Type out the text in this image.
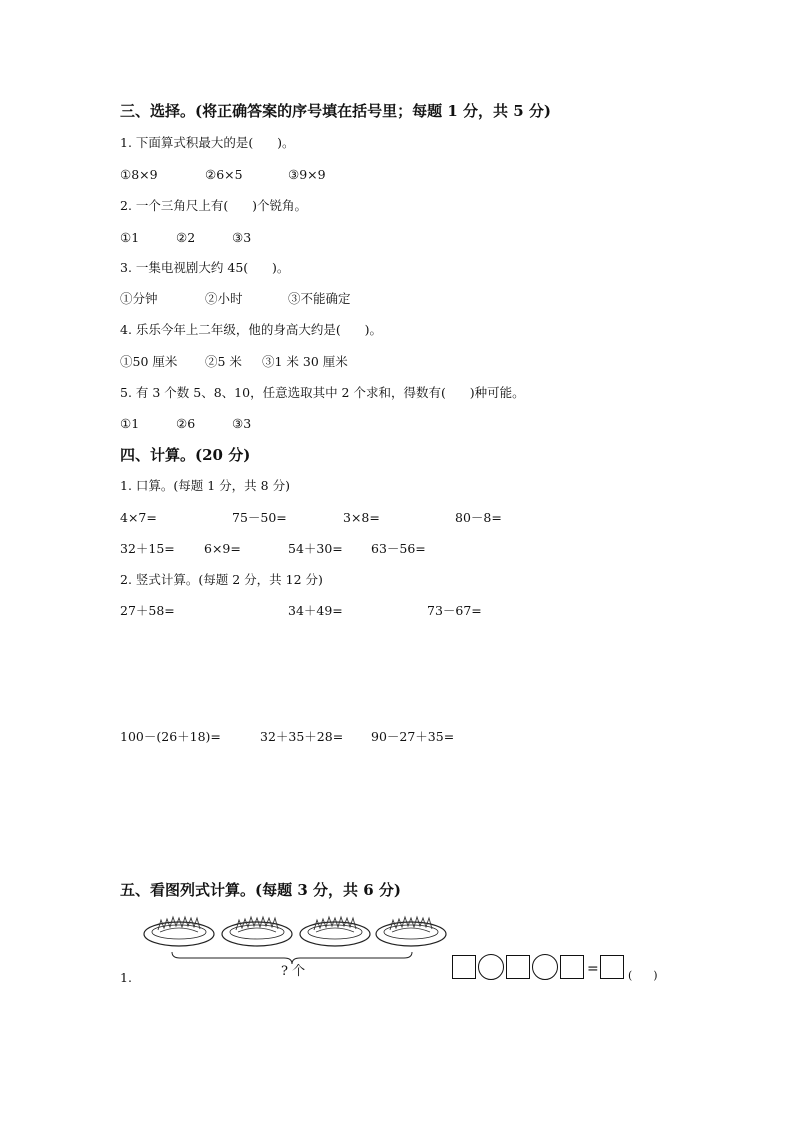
三、选择。(将正确答案的序号填在括号里；每题 1 分，共 5 分)
1. 下面算式积最大的是(      )。
①8×9	②6×5	③9×9
2. 一个三角尺上有(      )个锐角。
①1	②2	③3
3. 一集电视剧大约 45(      )。
①分钟	②小时	③不能确定
4. 乐乐今年上二年级，他的身高大约是(      )。
①50 厘米 ②5 米 ③1 米 30 厘米
5. 有 3 个数 5、8、10，任意选取其中 2 个求和，得数有(      )种可能。
①1	②6	③3
四、计算。(20 分)
1. 口算。(每题 1 分，共 8 分)
4×7=	75－50=	3×8=	80－8=
32＋15= 6×9=	54＋30= 63－56=
2. 竖式计算。(每题 2 分，共 12 分)
27＋58=	34＋49=	73－67=
100－(26＋18)=	32＋35＋28= 90－27＋35=
五、看图列式计算。(每题 3 分，共 6 分)
1.	? 个	=	(      )
